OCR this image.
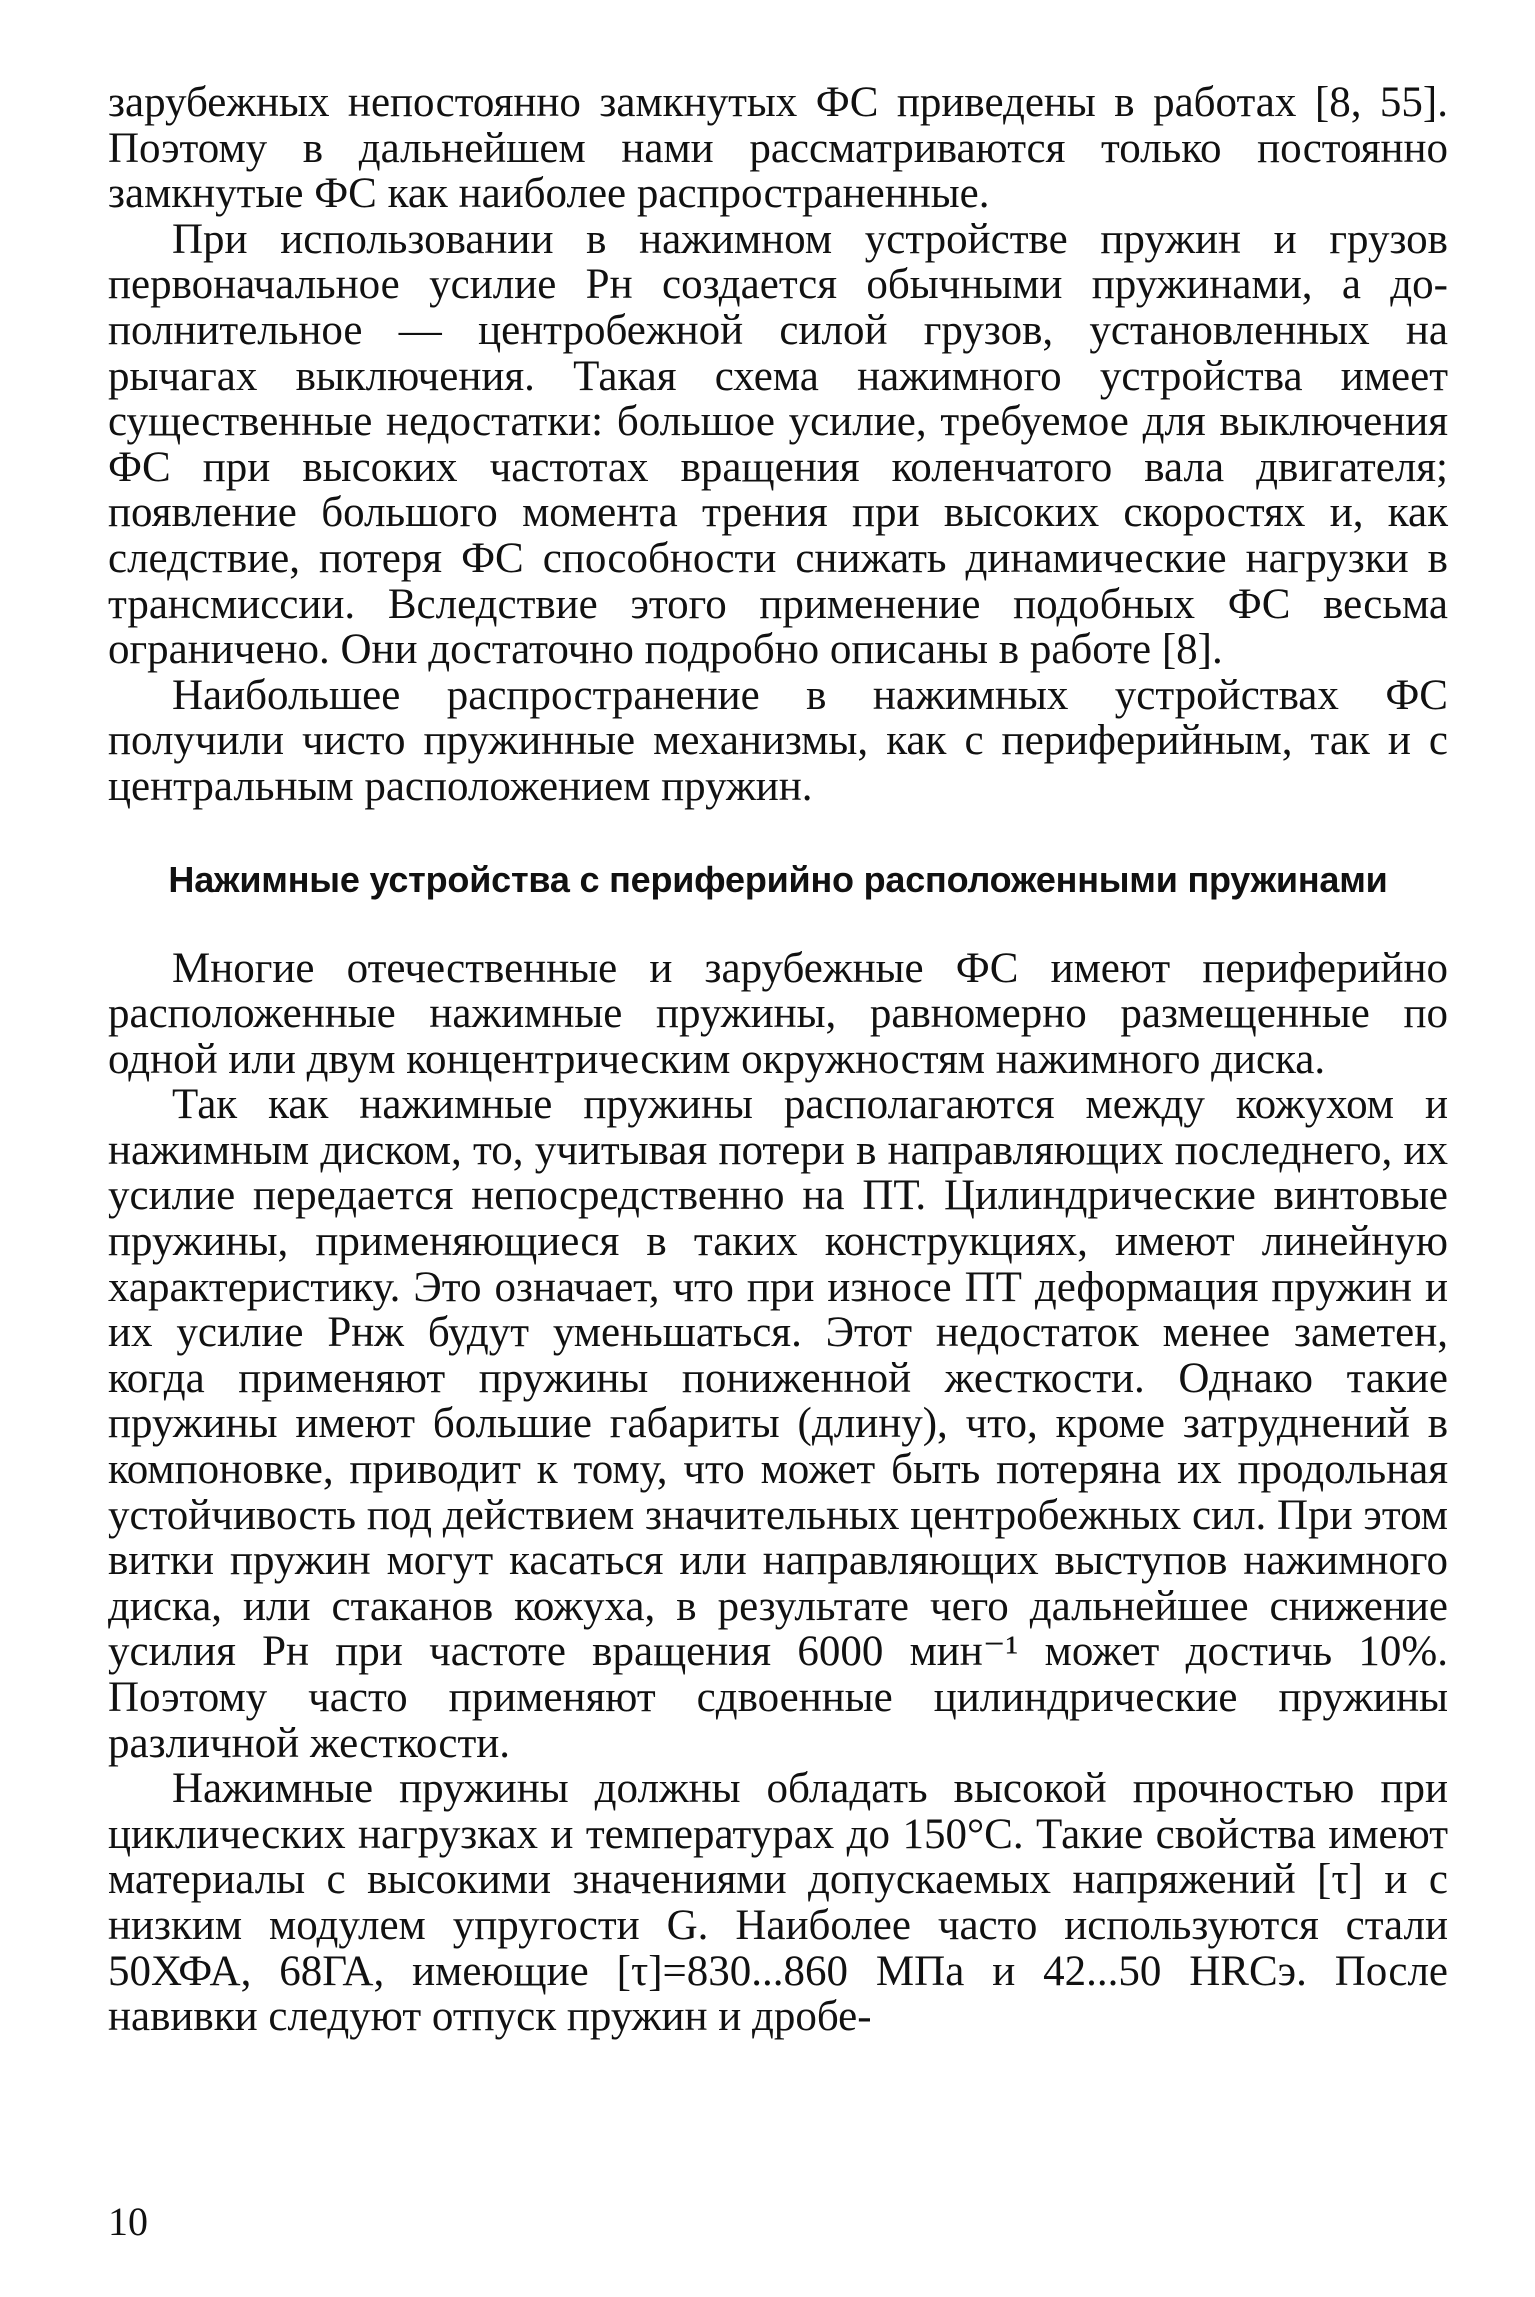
зарубежных непостоянно замкнутых ФС приведены в работах [8, 55]. Поэтому в дальнейшем нами рассматриваются только постоянно замкнутые ФС как наиболее распространенные.

При использовании в нажимном устройстве пружин и грузов первоначальное усилие Pн создается обычными пружинами, а дополнительное — центробежной силой грузов, установленных на рычагах выключения. Такая схема нажимного устройства имеет существенные недостатки: большое усилие, требуемое для выключения ФС при высоких частотах вращения коленчатого вала двигателя; появление большого момента трения при высоких скоростях и, как следствие, потеря ФС способности снижать динамические нагрузки в трансмиссии. Вследствие этого применение подобных ФС весьма ограничено. Они достаточно подробно описаны в работе [8].

Наибольшее распространение в нажимных устройствах ФС получили чисто пружинные механизмы, как с периферийным, так и с центральным расположением пружин.

Нажимные устройства с периферийно расположенными пружинами

Многие отечественные и зарубежные ФС имеют периферийно расположенные нажимные пружины, равномерно размещенные по одной или двум концентрическим окружностям нажимного диска.

Так как нажимные пружины располагаются между кожухом и нажимным диском, то, учитывая потери в направляющих последнего, их усилие передается непосредственно на ПТ. Цилиндрические винтовые пружины, применяющиеся в таких конструкциях, имеют линейную характеристику. Это означает, что при износе ПТ деформация пружин и их усилие Pнж будут уменьшаться. Этот недостаток менее заметен, когда применяют пружины пониженной жесткости. Однако такие пружины имеют большие габариты (длину), что, кроме затруднений в компоновке, приводит к тому, что может быть потеряна их продольная устойчивость под действием значительных центробежных сил. При этом витки пружин могут касаться или направляющих выступов нажимного диска, или стаканов кожуха, в результате чего дальнейшее снижение усилия Pн при частоте вращения 6000 мин⁻¹ может достичь 10%. Поэтому часто применяют сдвоенные цилиндрические пружины различной жесткости.

Нажимные пружины должны обладать высокой прочностью при циклических нагрузках и температурах до 150°С. Такие свойства имеют материалы с высокими значениями допускаемых напряжений [τ] и с низким модулем упругости G. Наиболее часто используются стали 50ХФА, 68ГА, имеющие [τ]=830...860 МПа и 42...50 HRCэ. После навивки следуют отпуск пружин и дробе-

10
